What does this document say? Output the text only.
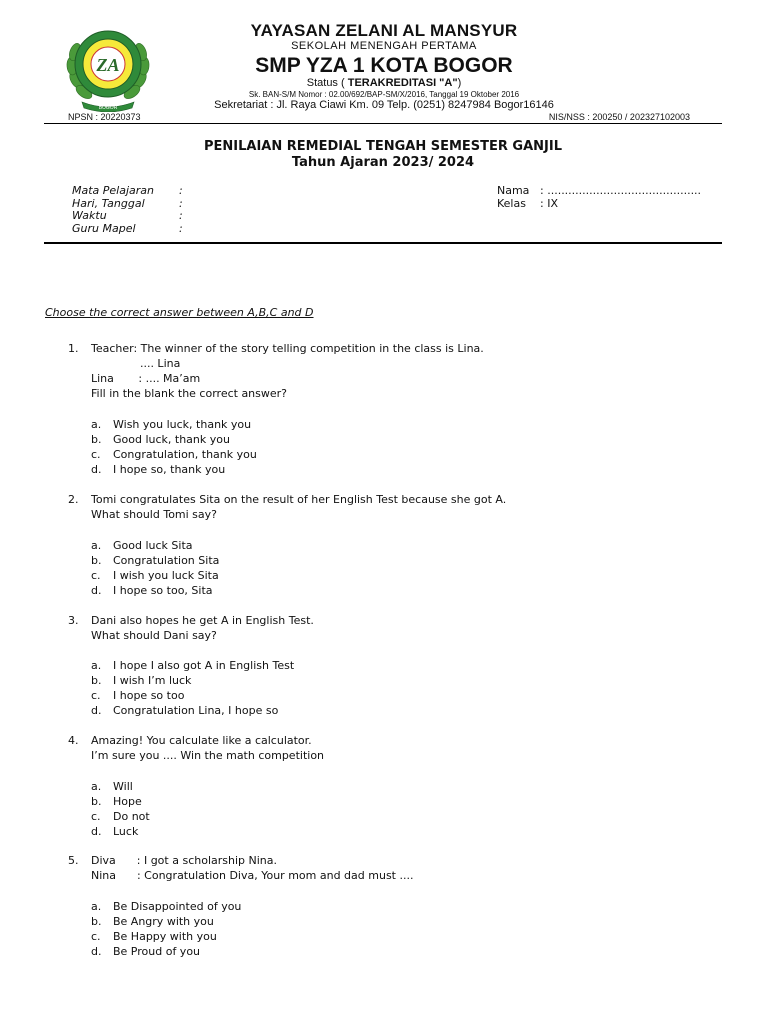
ZA
BOGOR
YAYASAN ZELANI AL MANSYUR
SEKOLAH MENENGAH PERTAMA
SMP YZA 1 KOTA BOGOR
Status ( TERAKREDITASI "A")
Sk. BAN-S/M Nomor : 02.00/692/BAP-SM/X/2016, Tanggal 19 Oktober 2016
Sekretariat : Jl. Raya Ciawi Km. 09 Telp. (0251) 8247984 Bogor16146
NPSN : 20220373	NIS/NSS : 200250 / 202327102003
PENILAIAN REMEDIAL TENGAH SEMESTER GANJIL
Tahun Ajaran 2023/ 2024
Mata Pelajaran :
Hari, Tanggal	:
Waktu	:
Guru Mapel	:
Nama : ............................................
Kelas : IX
Choose the correct answer between A,B,C and D
1. Teacher: The winner of the story telling competition in the class is Lina.
.... Lina
Lina       : .... Ma’am
Fill in the blank the correct answer?
a. Wish you luck, thank you
b. Good luck, thank you
c. Congratulation, thank you
d. I hope so, thank you
2. Tomi congratulates Sita on the result of her English Test because she got A.
What should Tomi say?
a. Good luck Sita
b. Congratulation Sita
c. I wish you luck Sita
d. I hope so too, Sita
3. Dani also hopes he get A in English Test.
What should Dani say?
a. I hope I also got A in English Test
b. I wish I’m luck
c. I hope so too
d. Congratulation Lina, I hope so
4. Amazing! You calculate like a calculator.
I’m sure you .... Win the math competition
a. Will
b. Hope
c. Do not
d. Luck
5. Diva      : I got a scholarship Nina.
Nina      : Congratulation Diva, Your mom and dad must ....
a. Be Disappointed of you
b. Be Angry with you
c. Be Happy with you
d. Be Proud of you
